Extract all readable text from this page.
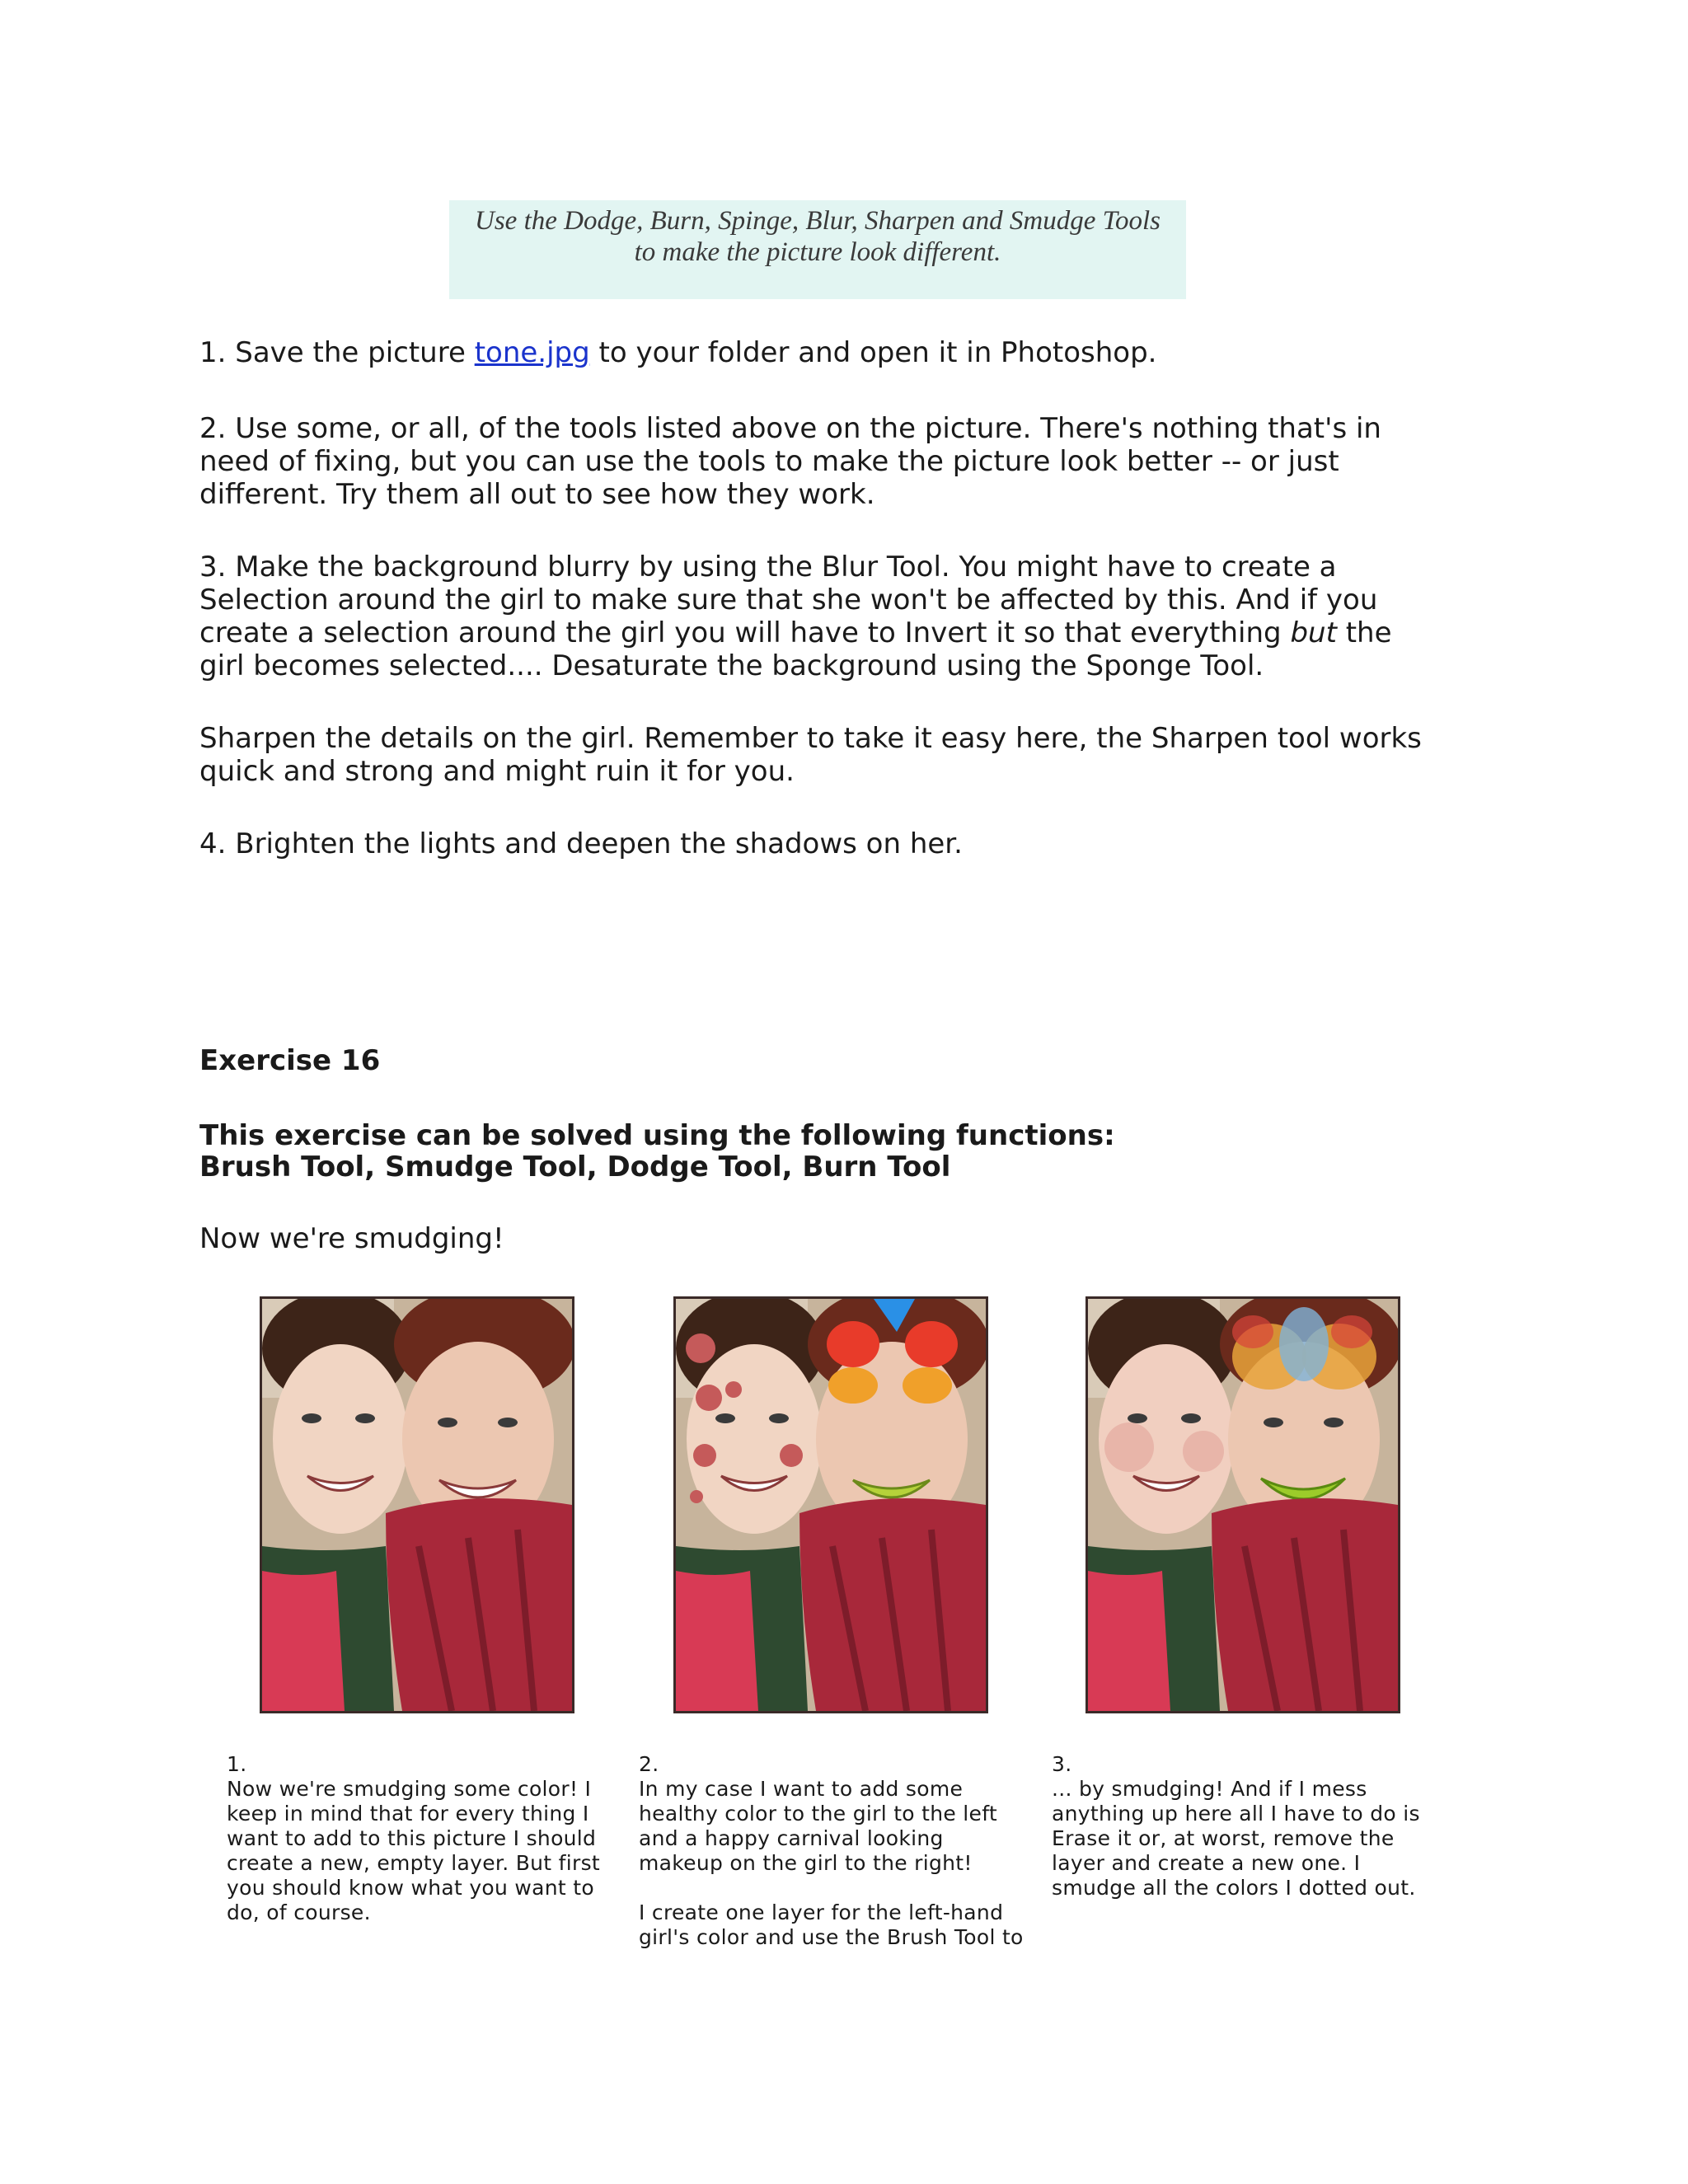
Use the Dodge, Burn, Spinge, Blur, Sharpen and Smudge Tools
to make the picture look different.

1. Save the picture tone.jpg to your folder and open it in Photoshop.

2. Use some, or all, of the tools listed above on the picture. There's nothing that's in need of fixing, but you can use the tools to make the picture look better -- or just different. Try them all out to see how they work.

3. Make the background blurry by using the Blur Tool. You might have to create a Selection around the girl to make sure that she won't be affected by this. And if you create a selection around the girl you will have to Invert it so that everything but the girl becomes selected.... Desaturate the background using the Sponge Tool.

Sharpen the details on the girl. Remember to take it easy here, the Sharpen tool works quick and strong and might ruin it for you.

4. Brighten the lights and deepen the shadows on her.

Exercise 16

This exercise can be solved using the following functions:

Brush Tool, Smudge Tool, Dodge Tool, Burn Tool

Now we're smudging!

1.

Now we're smudging some color! I keep in mind that for every thing I want to add to this picture I should create a new, empty layer. But first you should know what you want to do, of course.

2.

In my case I want to add some healthy color to the girl to the left and a happy carnival looking makeup on the girl to the right!

I create one layer for the left-hand girl's color and use the Brush Tool to

3.

... by smudging! And if I mess anything up here all I have to do is Erase it or, at worst, remove the layer and create a new one. I smudge all the colors I dotted out.
